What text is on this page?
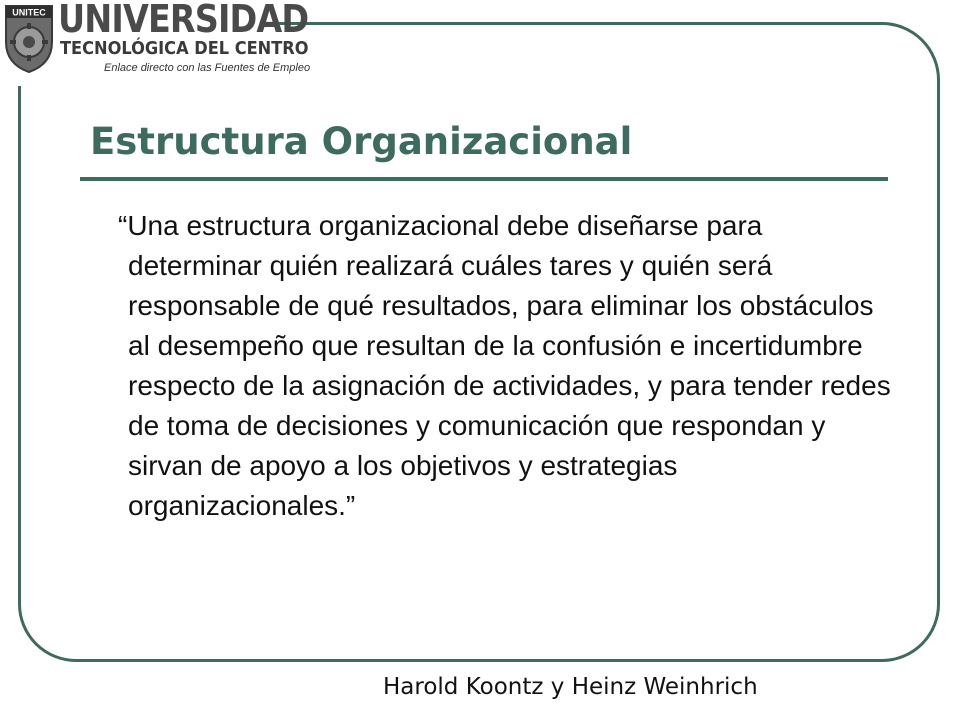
UNITEC UNIVERSIDAD
TECNOLÓGICA DEL CENTRO
Enlace directo con las Fuentes de Empleo
Estructura Organizacional

“Una estructura organizacional debe diseñarse para determinar quién realizará cuáles tares y quién será responsable de qué resultados, para eliminar los obstáculos al desempeño que resultan de la confusión e incertidumbre respecto de la asignación de actividades, y para tender redes de toma de decisiones y comunicación que respondan y sirvan de apoyo a los objetivos y estrategias organizacionales.”

Harold Koontz y Heinz Weinhrich
